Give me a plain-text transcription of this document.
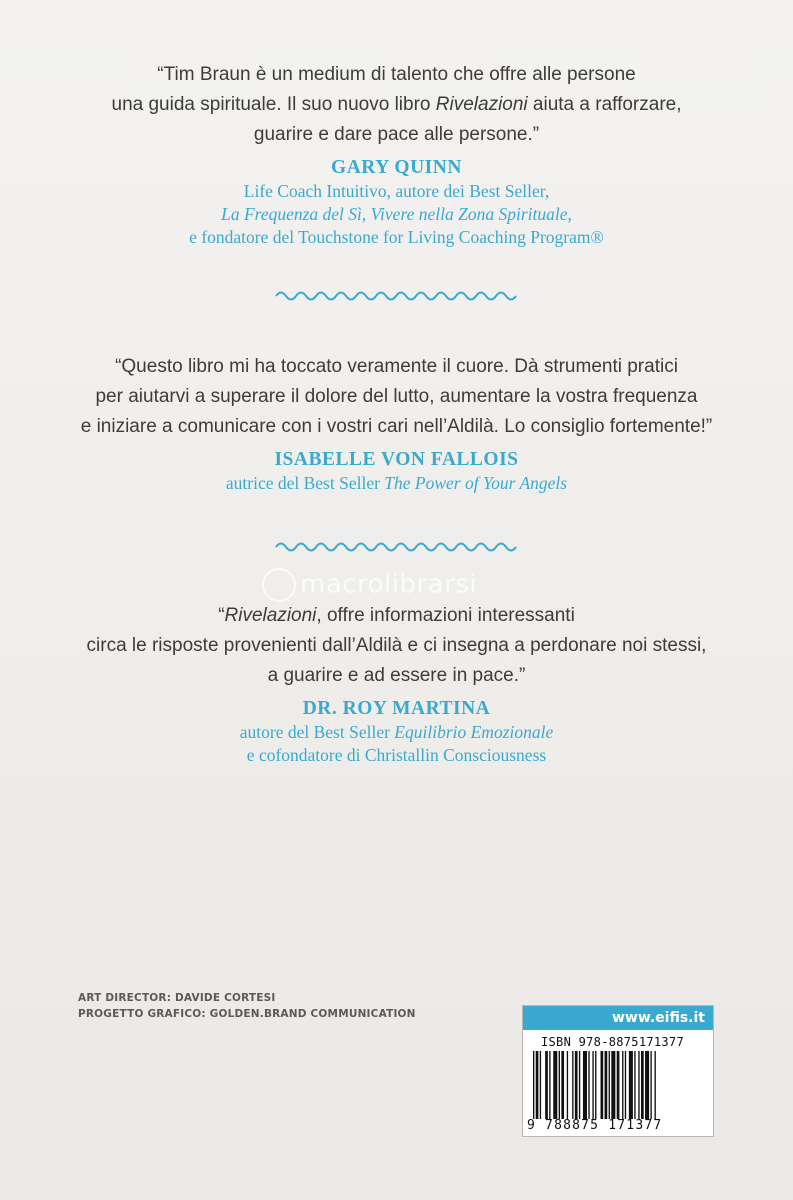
“Tim Braun è un medium di talento che offre alle persone

una guida spirituale. Il suo nuovo libro Rivelazioni aiuta a rafforzare,

guarire e dare pace alle persone.”

GARY QUINN

Life Coach Intuitivo, autore dei Best Seller,

La Frequenza del Sì, Vivere nella Zona Spirituale,

e fondatore del Touchstone for Living Coaching Program®

“Questo libro mi ha toccato veramente il cuore. Dà strumenti pratici

per aiutarvi a superare il dolore del lutto, aumentare la vostra frequenza

e iniziare a comunicare con i vostri cari nell’Aldilà. Lo consiglio fortemente!”

ISABELLE VON FALLOIS

autrice del Best Seller The Power of Your Angels

macrolibrarsi

“Rivelazioni, offre informazioni interessanti

circa le risposte provenienti dall’Aldilà e ci insegna a perdonare noi stessi,

a guarire e ad essere in pace.”

DR. ROY MARTINA

autore del Best Seller Equilibrio Emozionale

e cofondatore di Christallin Consciousness

ART DIRECTOR: DAVIDE CORTESI
PROGETTO GRAFICO: GOLDEN.BRAND COMMUNICATION	www.eifis.it
ISBN 978-8875171377
9 788875 171377
